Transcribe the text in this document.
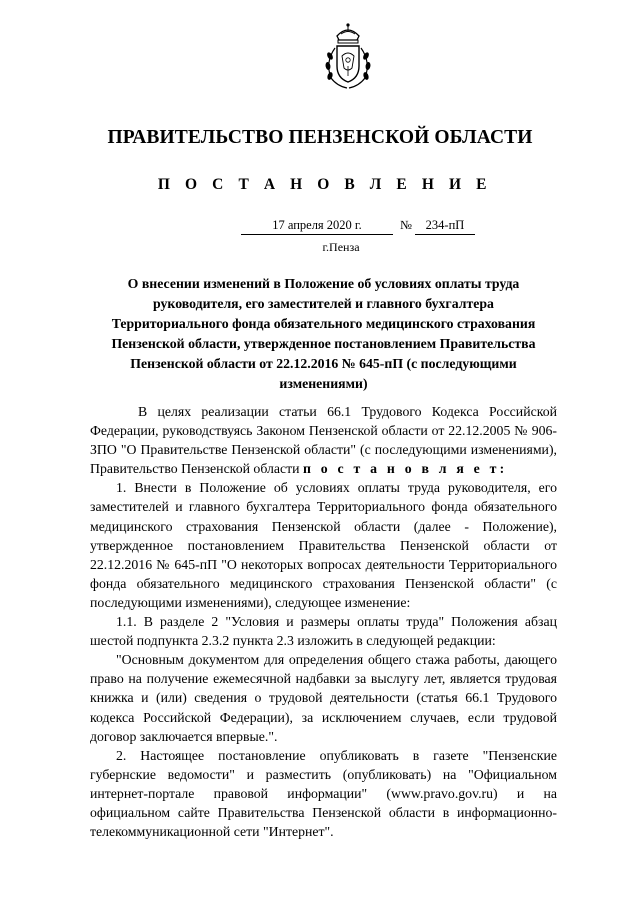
ПРАВИТЕЛЬСТВО ПЕНЗЕНСКОЙ ОБЛАСТИ
П О С Т А Н О В Л Е Н И Е
17 апреля 2020 г.	№	234-пП
г.Пенза
О внесении изменений в Положение об условиях оплаты труда руководителя, его заместителей и главного бухгалтера Территориального фонда обязательного медицинского страхования Пензенской области, утвержденное постановлением Правительства Пензенской области от 22.12.2016 № 645-пП (с последующими изменениями)

В целях реализации статьи 66.1 Трудового Кодекса Российской Федерации, руководствуясь Законом Пензенской области от 22.12.2005 № 906-ЗПО "О Правительстве Пензенской области" (с последующими изменениями), Правительство Пензенской области п о с т а н о в л я е т:

1. Внести в Положение об условиях оплаты труда руководителя, его заместителей и главного бухгалтера Территориального фонда обязательного медицинского страхования Пензенской области (далее - Положение), утвержденное постановлением Правительства Пензенской области от 22.12.2016 № 645-пП "О некоторых вопросах деятельности Территориального фонда обязательного медицинского страхования Пензенской области" (с последующими изменениями), следующее изменение:

1.1. В разделе 2 "Условия и размеры оплаты труда" Положения абзац шестой подпункта 2.3.2 пункта 2.3 изложить в следующей редакции:

"Основным документом для определения общего стажа работы, дающего право на получение ежемесячной надбавки за выслугу лет, является трудовая книжка и (или) сведения о трудовой деятельности (статья 66.1 Трудового кодекса Российской Федерации), за исключением случаев, если трудовой договор заключается впервые.".

2. Настоящее постановление опубликовать в газете "Пензенские губернские ведомости" и разместить (опубликовать) на "Официальном интернет-портале правовой информации" (www.pravo.gov.ru) и на официальном сайте Правительства Пензенской области в информационно-телекоммуникационной сети "Интернет".
